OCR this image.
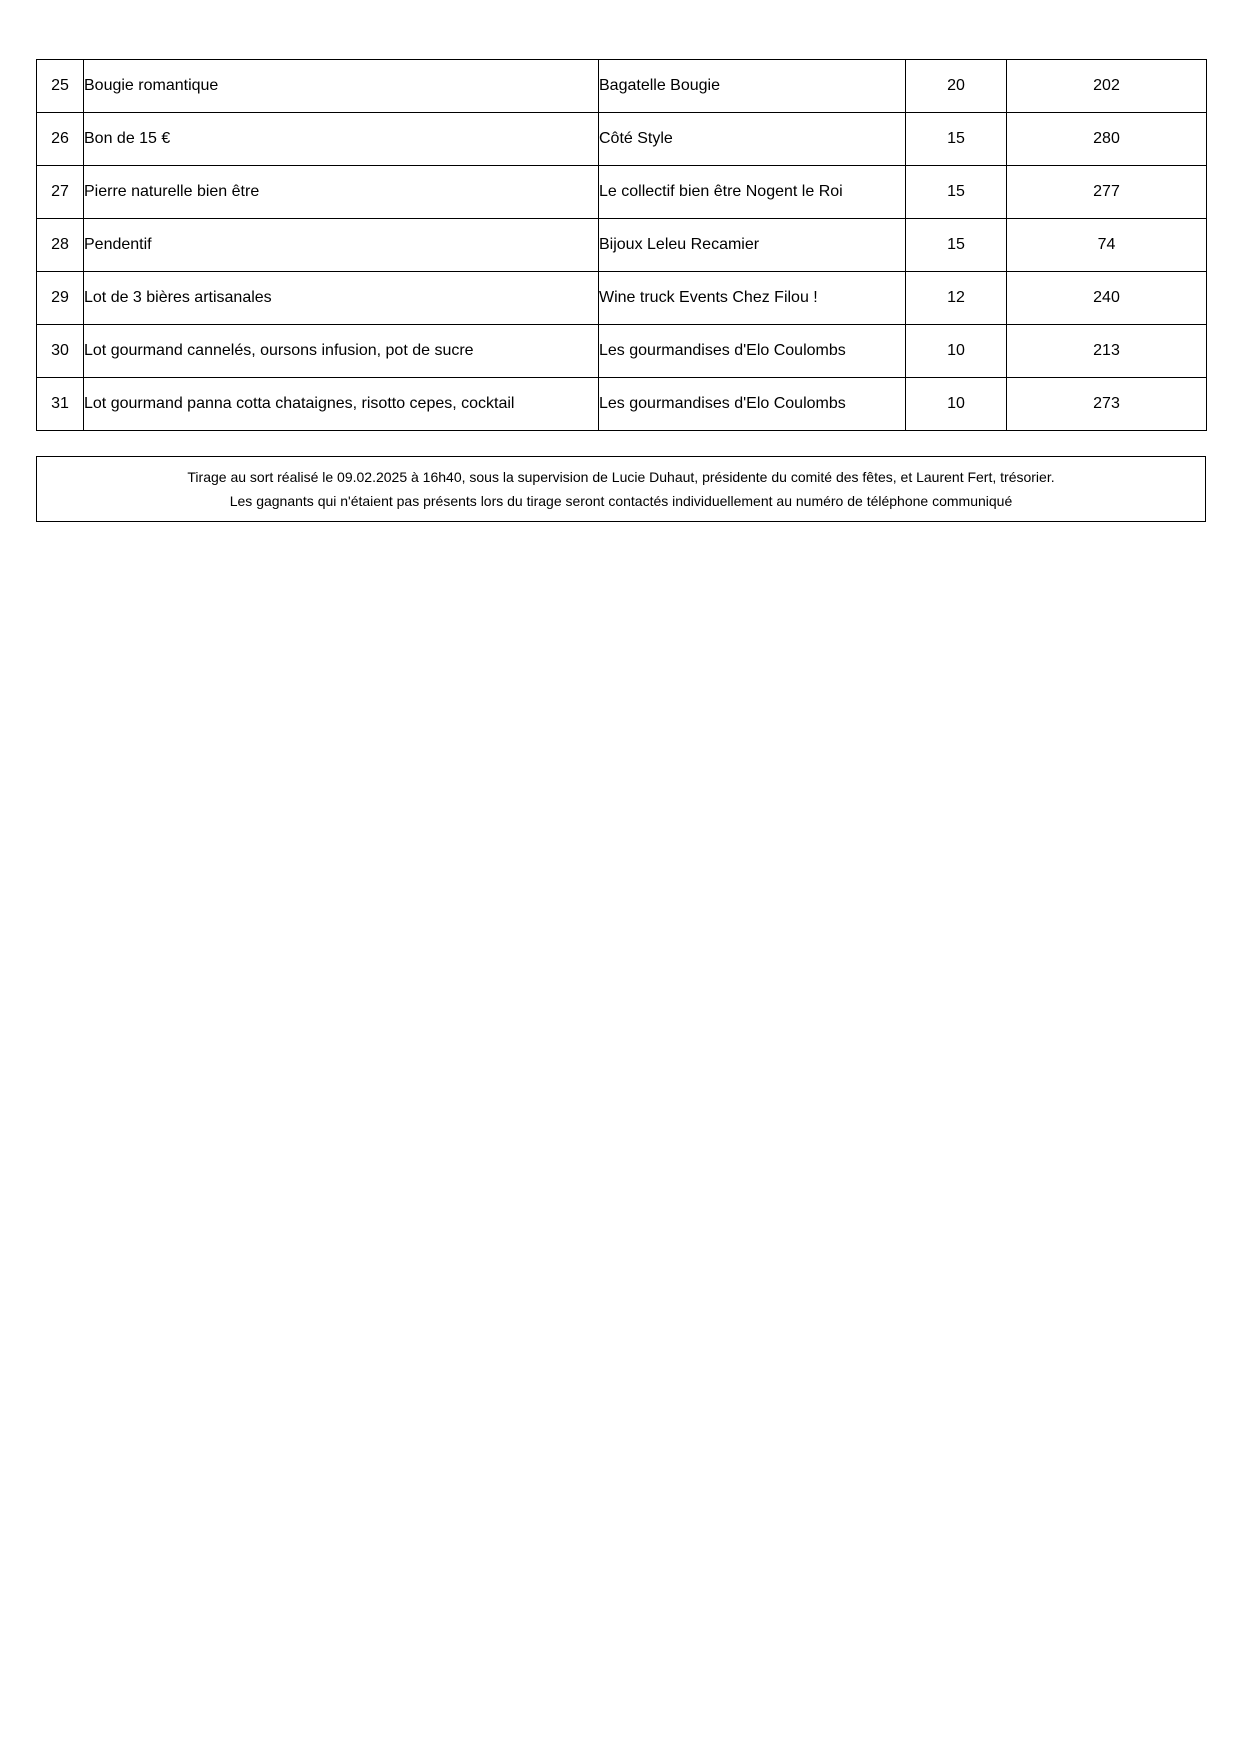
25	Bougie romantique	Bagatelle Bougie	20	202
26	Bon de 15 €	Côté Style	15	280
27	Pierre naturelle bien être	Le collectif bien être Nogent le Roi	15	277
28	Pendentif	Bijoux Leleu Recamier	15	74
29	Lot de 3 bières artisanales	Wine truck Events Chez Filou !	12	240
30	Lot gourmand cannelés, oursons infusion, pot de sucre	Les gourmandises d'Elo Coulombs	10	213
31	Lot gourmand panna cotta chataignes, risotto cepes, cocktail	Les gourmandises d'Elo Coulombs	10	273

Tirage au sort réalisé le 09.02.2025 à 16h40, sous la supervision de Lucie Duhaut, présidente du comité des fêtes, et Laurent Fert, trésorier.

Les gagnants qui n'étaient pas présents lors du tirage seront contactés individuellement au numéro de téléphone communiqué
